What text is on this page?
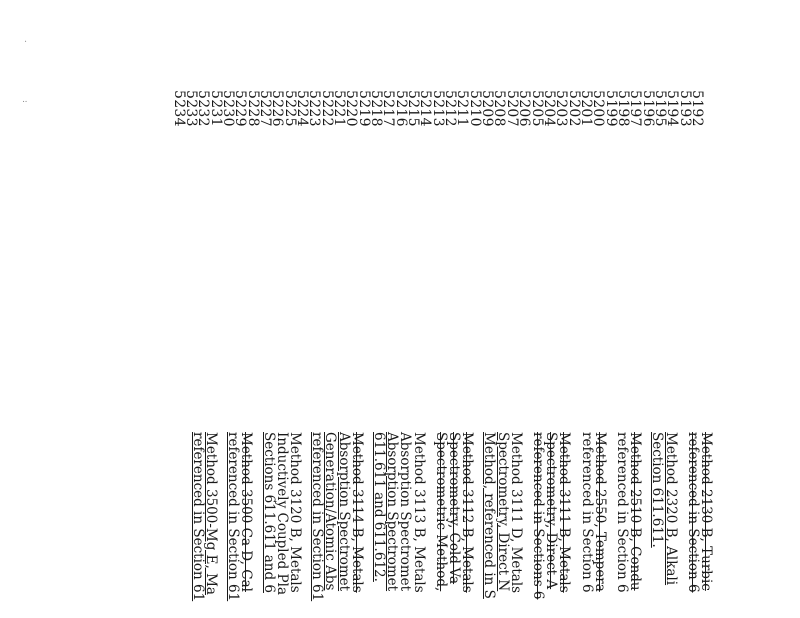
5192
5193
5194
5195
5196
5197
5198
5199
5200
5201
5202
5203
5204
5205
5206
5207
5208
5209
5210
5211
5212
5213
5214
5215
5216
5217
5218
5219
5220
5221
5222
5223
5224
5225
5226
5227
5228
5229
5230
5231
5232
5233
5234
Method 2130 B, Turbic
referenced in Section 6
Method 2320 B, Alkali
Section 611.611.
Method 2510 B, Condu
referenced in Section 6
Method 2550, Tempera
referenced in Section 6
Method 3111 B, Metals
Spectrometry, Direct A
referenced in Sections 6
Method 3111 D, Metals
Spectrometry, Direct N
Method, referenced in S
Method 3112 B, Metals
Spectrometry, Cold-Va
Spectrometric Method,
Method 3113 B, Metals
Absorption Spectromet
Absorption Spectromet
611.611 and 611.612.
Method 3114 B, Metals
Absorption Spectromet
Generation/Atomic Abs
referenced in Section 61
Method 3120 B, Metals
Inductively Coupled Pla
Sections 611.611 and 6
Method 3500 Ca D, Cal
referenced in Section 61
Method 3500-Mg E, Ma
referenced in Section 61
.
:
